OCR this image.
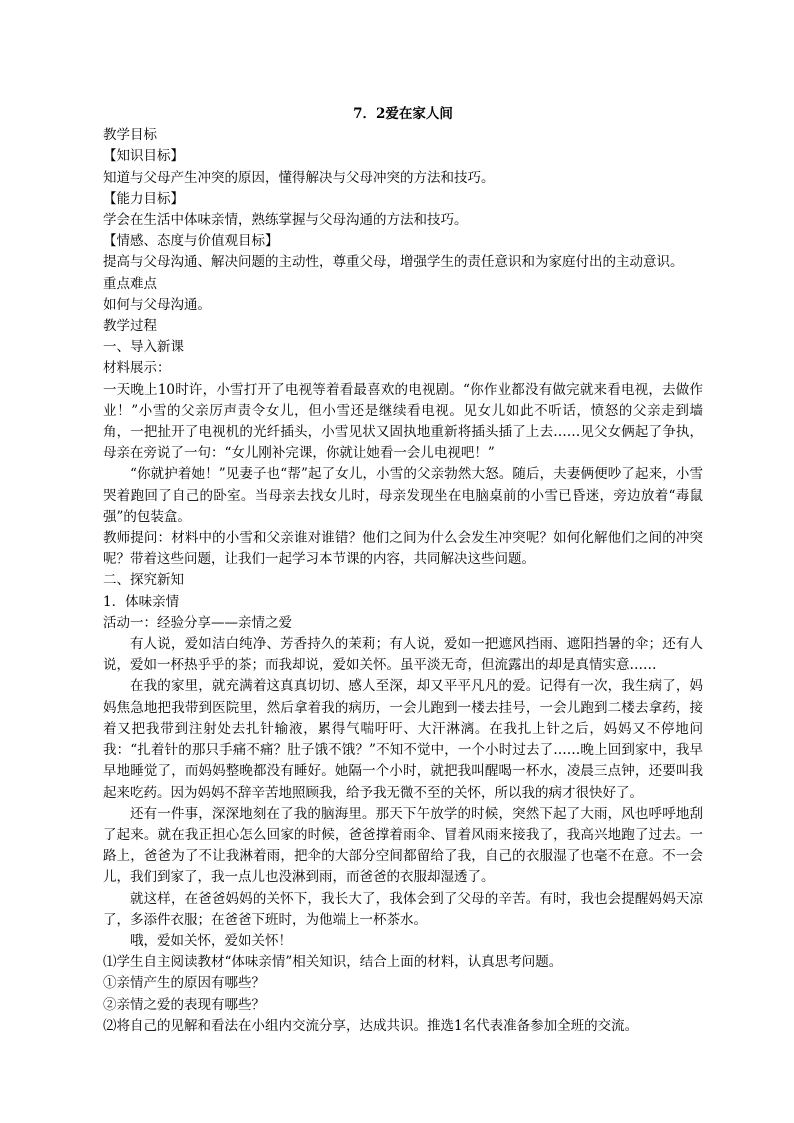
7．2爱在家人间

教学目标

【知识目标】

知道与父母产生冲突的原因，懂得解决与父母冲突的方法和技巧。

【能力目标】

学会在生活中体味亲情，熟练掌握与父母沟通的方法和技巧。

【情感、态度与价值观目标】

提高与父母沟通、解决问题的主动性，尊重父母，增强学生的责任意识和为家庭付出的主动意识。

重点难点

如何与父母沟通。

教学过程

一、导入新课

材料展示：

一天晚上10时许，小雪打开了电视等着看最喜欢的电视剧。“你作业都没有做完就来看电视，去做作业！”小雪的父亲厉声责令女儿，但小雪还是继续看电视。见女儿如此不听话，愤怒的父亲走到墙角，一把扯开了电视机的光纤插头，小雪见状又固执地重新将插头插了上去……见父女俩起了争执，母亲在旁说了一句：“女儿刚补完课，你就让她看一会儿电视吧！”

“你就护着她！”见妻子也“帮”起了女儿，小雪的父亲勃然大怒。随后，夫妻俩便吵了起来，小雪哭着跑回了自己的卧室。当母亲去找女儿时，母亲发现坐在电脑桌前的小雪已昏迷，旁边放着“毒鼠强”的包装盒。

教师提问：材料中的小雪和父亲谁对谁错？他们之间为什么会发生冲突呢？如何化解他们之间的冲突呢？带着这些问题，让我们一起学习本节课的内容，共同解决这些问题。

二、探究新知

1．体味亲情

活动一：经验分享——亲情之爱

有人说，爱如洁白纯净、芳香持久的茉莉；有人说，爱如一把遮风挡雨、遮阳挡暑的伞；还有人说，爱如一杯热乎乎的茶；而我却说，爱如关怀。虽平淡无奇，但流露出的却是真情实意……

在我的家里，就充满着这真真切切、感人至深，却又平平凡凡的爱。记得有一次，我生病了，妈妈焦急地把我带到医院里，然后拿着我的病历，一会儿跑到一楼去挂号，一会儿跑到二楼去拿药，接着又把我带到注射处去扎针输液，累得气喘吁吁、大汗淋漓。在我扎上针之后，妈妈又不停地问我：“扎着针的那只手痛不痛？肚子饿不饿？”不知不觉中，一个小时过去了……晚上回到家中，我早早地睡觉了，而妈妈整晚都没有睡好。她隔一个小时，就把我叫醒喝一杯水，凌晨三点钟，还要叫我起来吃药。因为妈妈不辞辛苦地照顾我，给予我无微不至的关怀，所以我的病才很快好了。

还有一件事，深深地刻在了我的脑海里。那天下午放学的时候，突然下起了大雨，风也呼呼地刮了起来。就在我正担心怎么回家的时候，爸爸撑着雨伞、冒着风雨来接我了，我高兴地跑了过去。一路上，爸爸为了不让我淋着雨，把伞的大部分空间都留给了我，自己的衣服湿了也毫不在意。不一会儿，我们到家了，我一点儿也没淋到雨，而爸爸的衣服却湿透了。

就这样，在爸爸妈妈的关怀下，我长大了，我体会到了父母的辛苦。有时，我也会提醒妈妈天凉了，多添件衣服；在爸爸下班时，为他端上一杯茶水。

哦，爱如关怀，爱如关怀！

⑴学生自主阅读教材“体味亲情”相关知识，结合上面的材料，认真思考问题。

①亲情产生的原因有哪些？

②亲情之爱的表现有哪些？

⑵将自己的见解和看法在小组内交流分享，达成共识。推选1名代表准备参加全班的交流。
